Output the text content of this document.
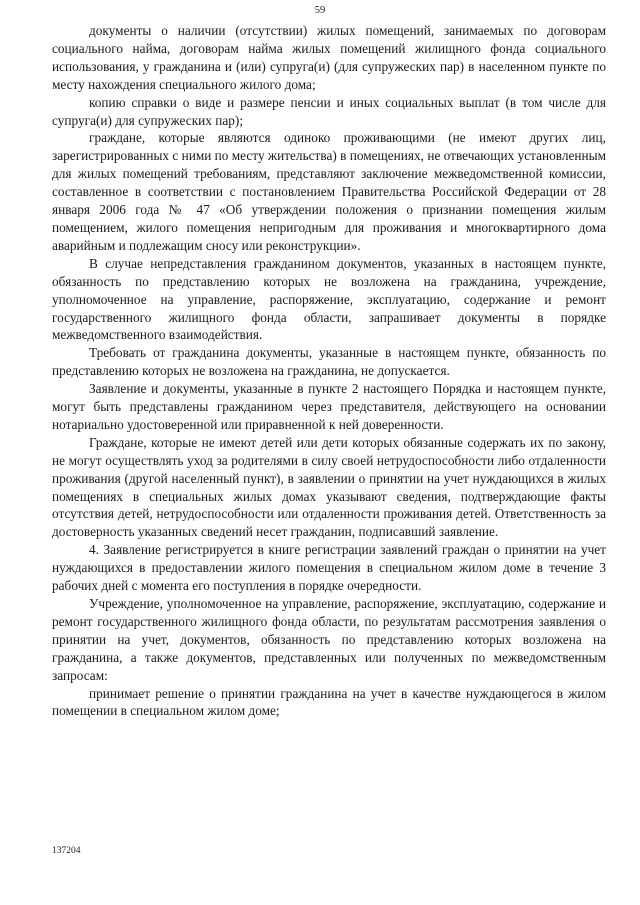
59

документы о наличии (отсутствии) жилых помещений, занимаемых по договорам социального найма, договорам найма жилых помещений жилищного фонда социального использования, у гражданина и (или) супруга(и) (для супружеских пар) в населенном пункте по месту нахождения специального жилого дома;

копию справки о виде и размере пенсии и иных социальных выплат (в том числе для супруга(и) для супружеских пар);

граждане, которые являются одиноко проживающими (не имеют других лиц, зарегистрированных с ними по месту жительства) в помещениях, не отвечающих установленным для жилых помещений требованиям, представляют заключение межведомственной комиссии, составленное в соответствии с постановлением Правительства Российской Федерации от 28 января 2006 года № 47 «Об утверждении положения о признании помещения жилым помещением, жилого помещения непригодным для проживания и многоквартирного дома аварийным и подлежащим сносу или реконструкции».

В случае непредставления гражданином документов, указанных в настоящем пункте, обязанность по представлению которых не возложена на гражданина, учреждение, уполномоченное на управление, распоряжение, эксплуатацию, содержание и ремонт государственного жилищного фонда области, запрашивает документы в порядке межведомственного взаимодействия.

Требовать от гражданина документы, указанные в настоящем пункте, обязанность по представлению которых не возложена на гражданина, не допускается.

Заявление и документы, указанные в пункте 2 настоящего Порядка и настоящем пункте, могут быть представлены гражданином через представителя, действующего на основании нотариально удостоверенной или приравненной к ней доверенности.

Граждане, которые не имеют детей или дети которых обязанные содержать их по закону, не могут осуществлять уход за родителями в силу своей нетрудоспособности либо отдаленности проживания (другой населенный пункт), в заявлении о принятии на учет нуждающихся в жилых помещениях в специальных жилых домах указывают сведения, подтверждающие факты отсутствия детей, нетрудоспособности или отдаленности проживания детей. Ответственность за достоверность указанных сведений несет гражданин, подписавший заявление.

4. Заявление регистрируется в книге регистрации заявлений граждан о принятии на учет нуждающихся в предоставлении жилого помещения в специальном жилом доме в течение 3 рабочих дней с момента его поступления в порядке очередности.

Учреждение, уполномоченное на управление, распоряжение, эксплуатацию, содержание и ремонт государственного жилищного фонда области, по результатам рассмотрения заявления о принятии на учет, документов, обязанность по представлению которых возложена на гражданина, а также документов, представленных или полученных по межведомственным запросам:

принимает решение о принятии гражданина на учет в качестве нуждающегося в жилом помещении в специальном жилом доме;

137204
